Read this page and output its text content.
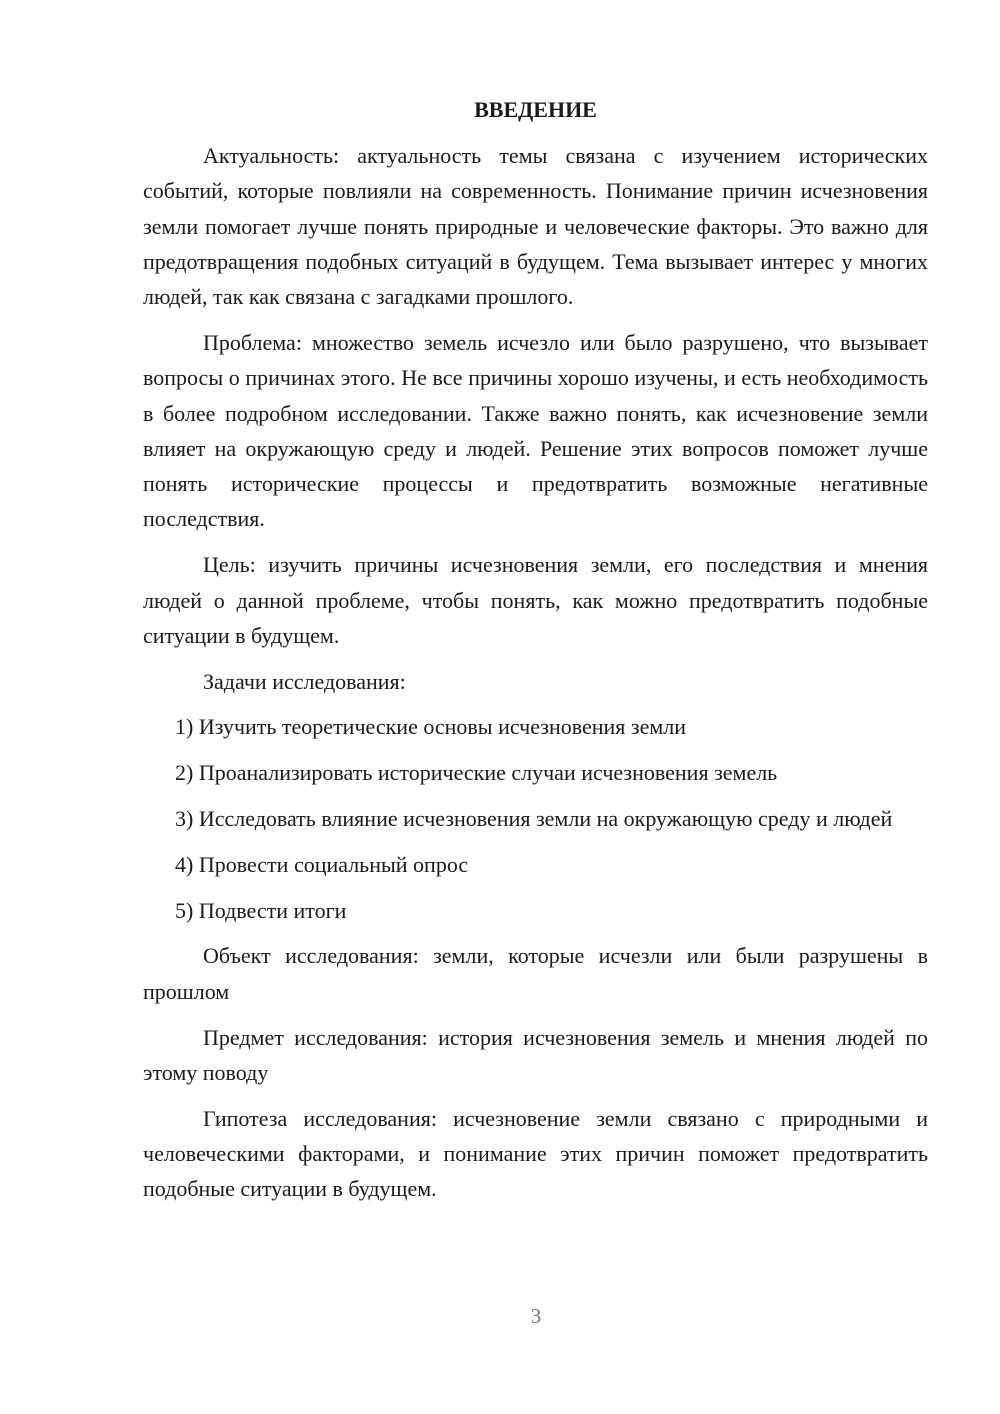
ВВЕДЕНИЕ

Актуальность: актуальность темы связана с изучением исторических событий, которые повлияли на современность. Понимание причин исчезновения земли помогает лучше понять природные и человеческие факторы. Это важно для предотвращения подобных ситуаций в будущем. Тема вызывает интерес у многих людей, так как связана с загадками прошлого.

Проблема: множество земель исчезло или было разрушено, что вызывает вопросы о причинах этого. Не все причины хорошо изучены, и есть необходимость в более подробном исследовании. Также важно понять, как исчезновение земли влияет на окружающую среду и людей. Решение этих вопросов поможет лучше понять исторические процессы и предотвратить возможные негативные последствия.

Цель: изучить причины исчезновения земли, его последствия и мнения людей о данной проблеме, чтобы понять, как можно предотвратить подобные ситуации в будущем.

Задачи исследования:

1) Изучить теоретические основы исчезновения земли

2) Проанализировать исторические случаи исчезновения земель

3) Исследовать влияние исчезновения земли на окружающую среду и людей

4) Провести социальный опрос

5) Подвести итоги

Объект исследования: земли, которые исчезли или были разрушены в прошлом

Предмет исследования: история исчезновения земель и мнения людей по этому поводу

Гипотеза исследования: исчезновение земли связано с природными и человеческими факторами, и понимание этих причин поможет предотвратить подобные ситуации в будущем.

3
